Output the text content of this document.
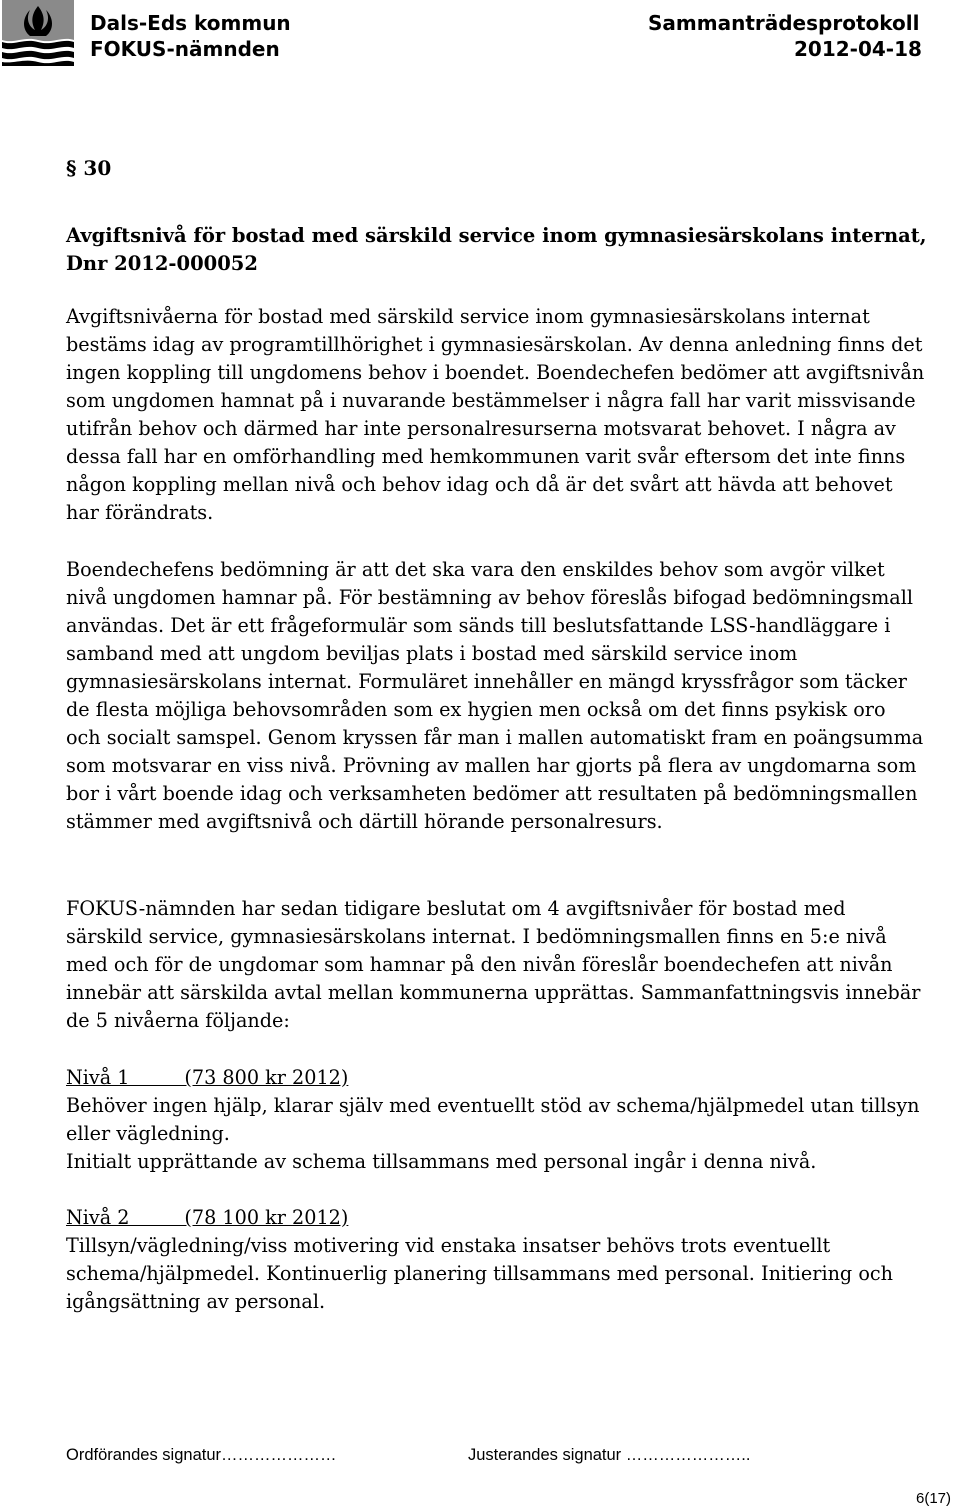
Dals-Eds kommun
FOKUS-nämnden
Sammanträdesprotokoll
2012-04-18
§ 30
Avgiftsnivå för bostad med särskild service inom gymnasiesärskolans internat, Dnr 2012-000052

Avgiftsnivåerna för bostad med särskild service inom gymnasiesärskolans internat bestäms idag av programtillhörighet i gymnasiesärskolan. Av denna anledning finns det ingen koppling till ungdomens behov i boendet. Boendechefen bedömer att avgiftsnivån som ungdomen hamnat på i nuvarande bestämmelser i några fall har varit missvisande utifrån behov och därmed har inte personalresurserna motsvarat behovet. I några av dessa fall har en omförhandling med hemkommunen varit svår eftersom det inte finns någon koppling mellan nivå och behov idag och då är det svårt att hävda att behovet har förändrats.

Boendechefens bedömning är att det ska vara den enskildes behov som avgör vilket nivå ungdomen hamnar på. För bestämning av behov föreslås bifogad bedömningsmall användas. Det är ett frågeformulär som sänds till beslutsfattande LSS-handläggare i samband med att ungdom beviljas plats i bostad med särskild service inom gymnasiesärskolans internat. Formuläret innehåller en mängd kryssfrågor som täcker de flesta möjliga behovsområden som ex hygien men också om det finns psykisk oro och socialt samspel. Genom kryssen får man i mallen automatiskt fram en poängsumma som motsvarar en viss nivå. Prövning av mallen har gjorts på flera av ungdomarna som bor i vårt boende idag och verksamheten bedömer att resultaten på bedömningsmallen stämmer med avgiftsnivå och därtill hörande personalresurs.

FOKUS-nämnden har sedan tidigare beslutat om 4 avgiftsnivåer för bostad med särskild service, gymnasiesärskolans internat. I bedömningsmallen finns en 5:e nivå med och för de ungdomar som hamnar på den nivån föreslår boendechefen att nivån innebär att särskilda avtal mellan kommunerna upprättas. Sammanfattningsvis innebär de 5 nivåerna följande:

Nivå 1         (73 800 kr 2012)
Behöver ingen hjälp, klarar själv med eventuellt stöd av schema/hjälpmedel utan tillsyn eller vägledning.
Initialt upprättande av schema tillsammans med personal ingår i denna nivå.
Nivå 2         (78 100 kr 2012)
Tillsyn/vägledning/viss motivering vid enstaka insatser behövs trots eventuellt schema/hjälpmedel. Kontinuerlig planering tillsammans med personal. Initiering och igångsättning av personal.
Ordförandes signatur…………………	Justerandes signatur …………………..
6(17)
